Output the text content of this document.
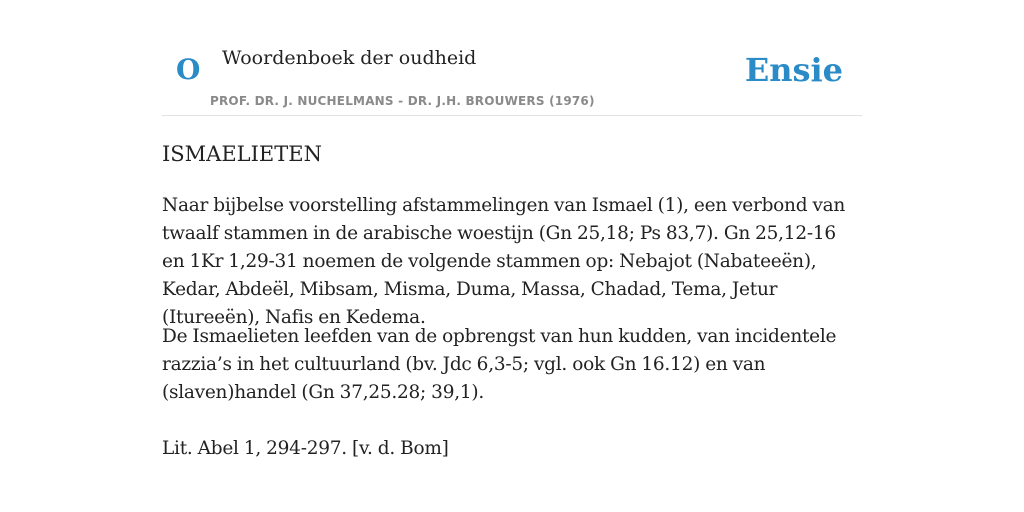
O Woordenboek der oudheid	Ensie
PROF. DR. J. NUCHELMANS - DR. J.H. BROUWERS (1976)
ISMAELIETEN

Naar bijbelse voorstelling afstammelingen van Ismael (1), een verbond van twaalf stammen in de arabische woestijn (Gn 25,18; Ps 83,7). Gn 25,12-16 en 1Kr 1,29-31 noemen de volgende stammen op: Nebajot (Nabateeën), Kedar, Abdeël, Mibsam, Misma, Duma, Massa, Chadad, Tema, Jetur (Itureeën), Nafis en Kedema.

De Ismaelieten leefden van de opbrengst van hun kudden, van incidentele razzia’s in het cultuurland (bv. Jdc 6,3-5; vgl. ook Gn 16.12) en van (slaven)handel (Gn 37,25.28; 39,1).

Lit. Abel 1, 294-297. [v. d. Bom]
